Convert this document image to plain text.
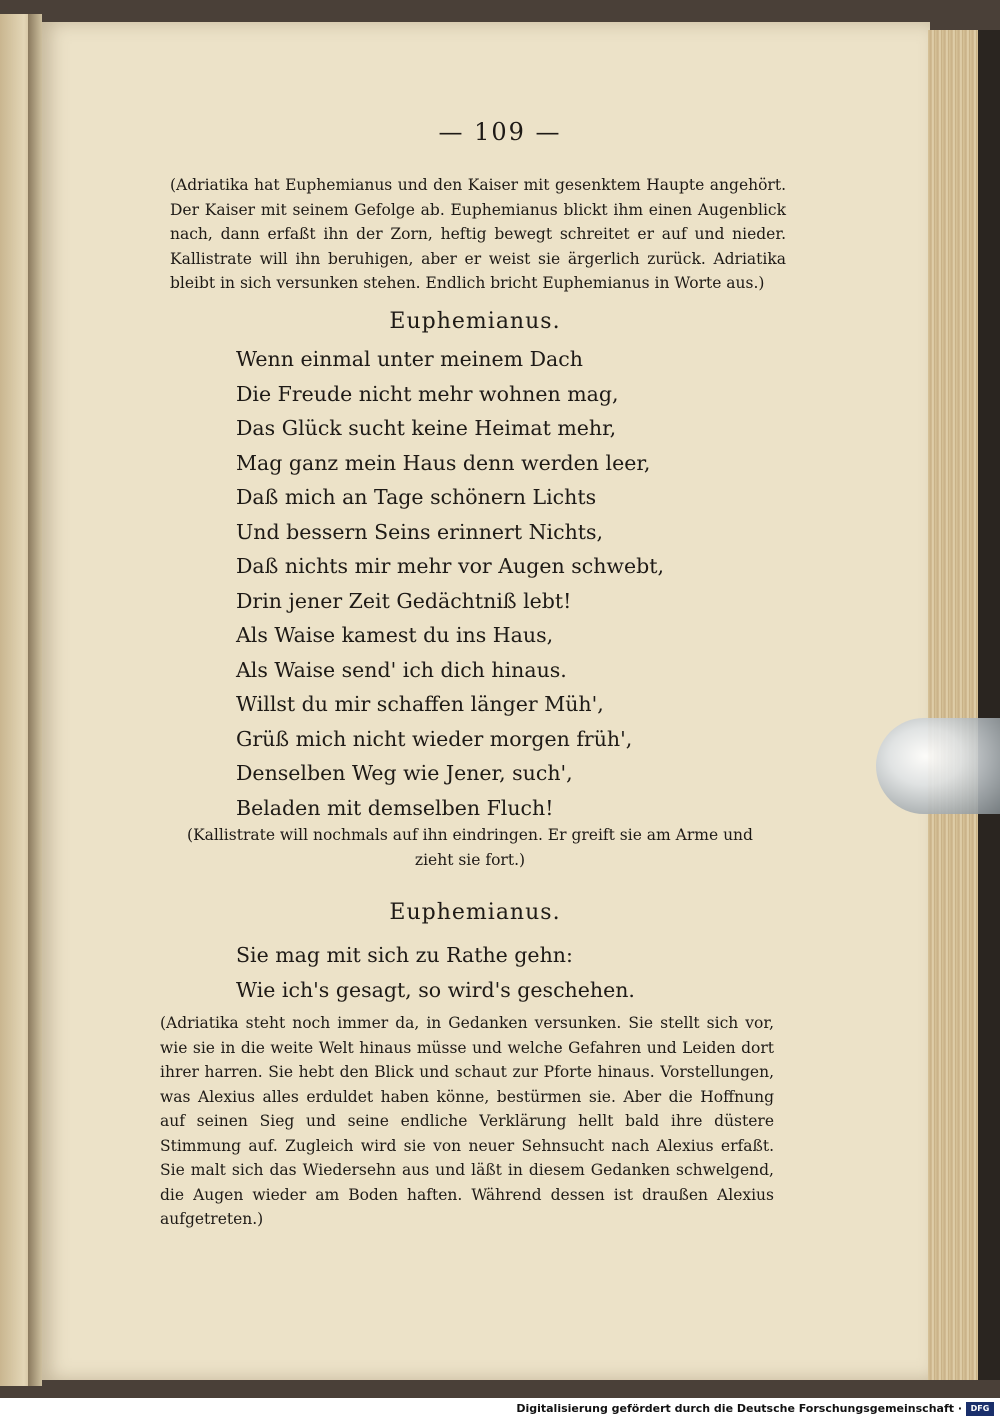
— 109 —
(Adriatika hat Euphemianus und den Kaiser mit gesenktem Haupte angehört. Der Kaiser mit seinem Gefolge ab. Euphemianus blickt ihm einen Augenblick nach, dann erfaßt ihn der Zorn, heftig bewegt schreitet er auf und nieder. Kallistrate will ihn beruhigen, aber er weist sie ärgerlich zurück. Adriatika bleibt in sich versunken stehen. Endlich bricht Euphemianus in Worte aus.)
Euphemianus.
Wenn einmal unter meinem Dach
Die Freude nicht mehr wohnen mag,
Das Glück sucht keine Heimat mehr,
Mag ganz mein Haus denn werden leer,
Daß mich an Tage schönern Lichts
Und bessern Seins erinnert Nichts,
Daß nichts mir mehr vor Augen schwebt,
Drin jener Zeit Gedächtniß lebt!
Als Waise kamest du ins Haus,
Als Waise send' ich dich hinaus.
Willst du mir schaffen länger Müh',
Grüß mich nicht wieder morgen früh',
Denselben Weg wie Jener, such',
Beladen mit demselben Fluch!
(Kallistrate will nochmals auf ihn eindringen. Er greift sie am Arme und zieht sie fort.)
Euphemianus.
Sie mag mit sich zu Rathe gehn:
Wie ich's gesagt, so wird's geschehen.
(Adriatika steht noch immer da, in Gedanken versunken. Sie stellt sich vor, wie sie in die weite Welt hinaus müsse und welche Gefahren und Leiden dort ihrer harren. Sie hebt den Blick und schaut zur Pforte hinaus. Vorstellungen, was Alexius alles erduldet haben könne, bestürmen sie. Aber die Hoffnung auf seinen Sieg und seine endliche Verklärung hellt bald ihre düstere Stimmung auf. Zugleich wird sie von neuer Sehnsucht nach Alexius erfaßt. Sie malt sich das Wiedersehn aus und läßt in diesem Gedanken schwelgend, die Augen wieder am Boden haften. Während dessen ist draußen Alexius aufgetreten.)
Digitalisierung gefördert durch die Deutsche Forschungsgemeinschaft ·	DFG
